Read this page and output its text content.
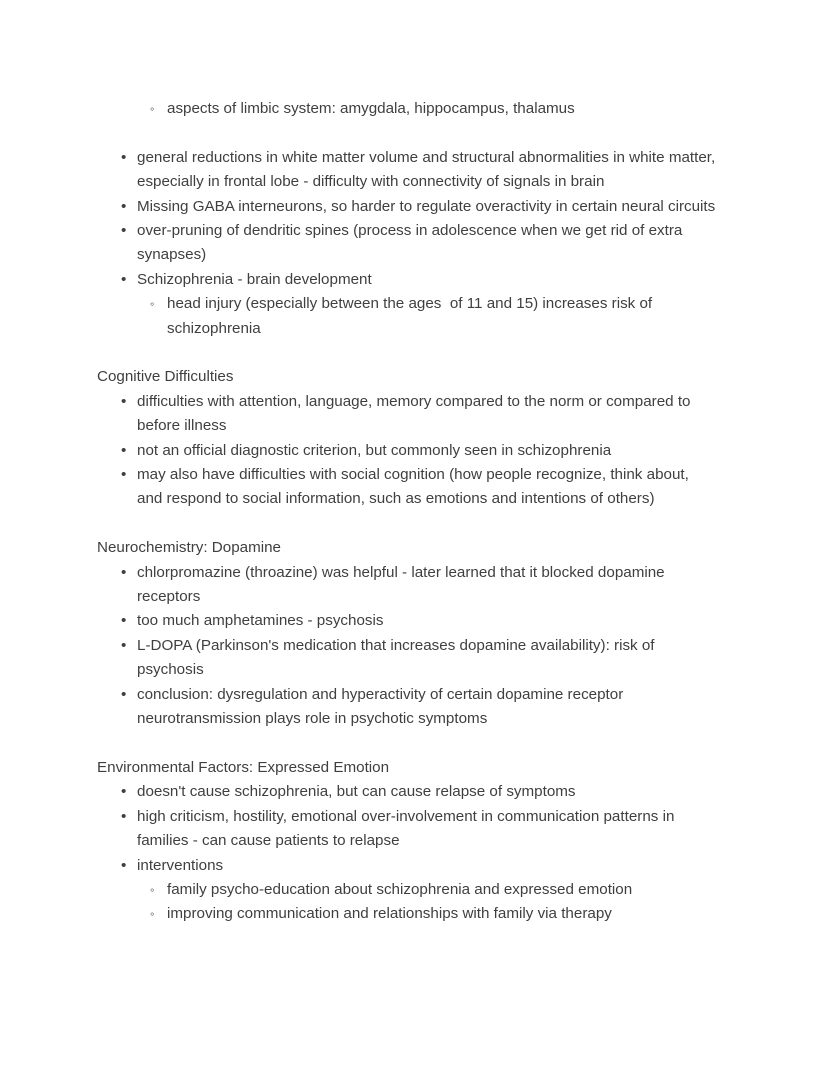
◦ aspects of limbic system: amygdala, hippocampus, thalamus
• general reductions in white matter volume and structural abnormalities in white matter, especially in frontal lobe - difficulty with connectivity of signals in brain
• Missing GABA interneurons, so harder to regulate overactivity in certain neural circuits
• over-pruning of dendritic spines (process in adolescence when we get rid of extra synapses)
• Schizophrenia - brain development
◦ head injury (especially between the ages  of 11 and 15) increases risk of schizophrenia
Cognitive Difficulties
• difficulties with attention, language, memory compared to the norm or compared to before illness
• not an official diagnostic criterion, but commonly seen in schizophrenia
• may also have difficulties with social cognition (how people recognize, think about, and respond to social information, such as emotions and intentions of others)
Neurochemistry: Dopamine
• chlorpromazine (throazine) was helpful - later learned that it blocked dopamine receptors
• too much amphetamines - psychosis
• L-DOPA (Parkinson's medication that increases dopamine availability): risk of psychosis
• conclusion: dysregulation and hyperactivity of certain dopamine receptor neurotransmission plays role in psychotic symptoms
Environmental Factors: Expressed Emotion
• doesn't cause schizophrenia, but can cause relapse of symptoms
• high criticism, hostility, emotional over-involvement in communication patterns in families - can cause patients to relapse
• interventions
◦ family psycho-education about schizophrenia and expressed emotion
◦ improving communication and relationships with family via therapy
